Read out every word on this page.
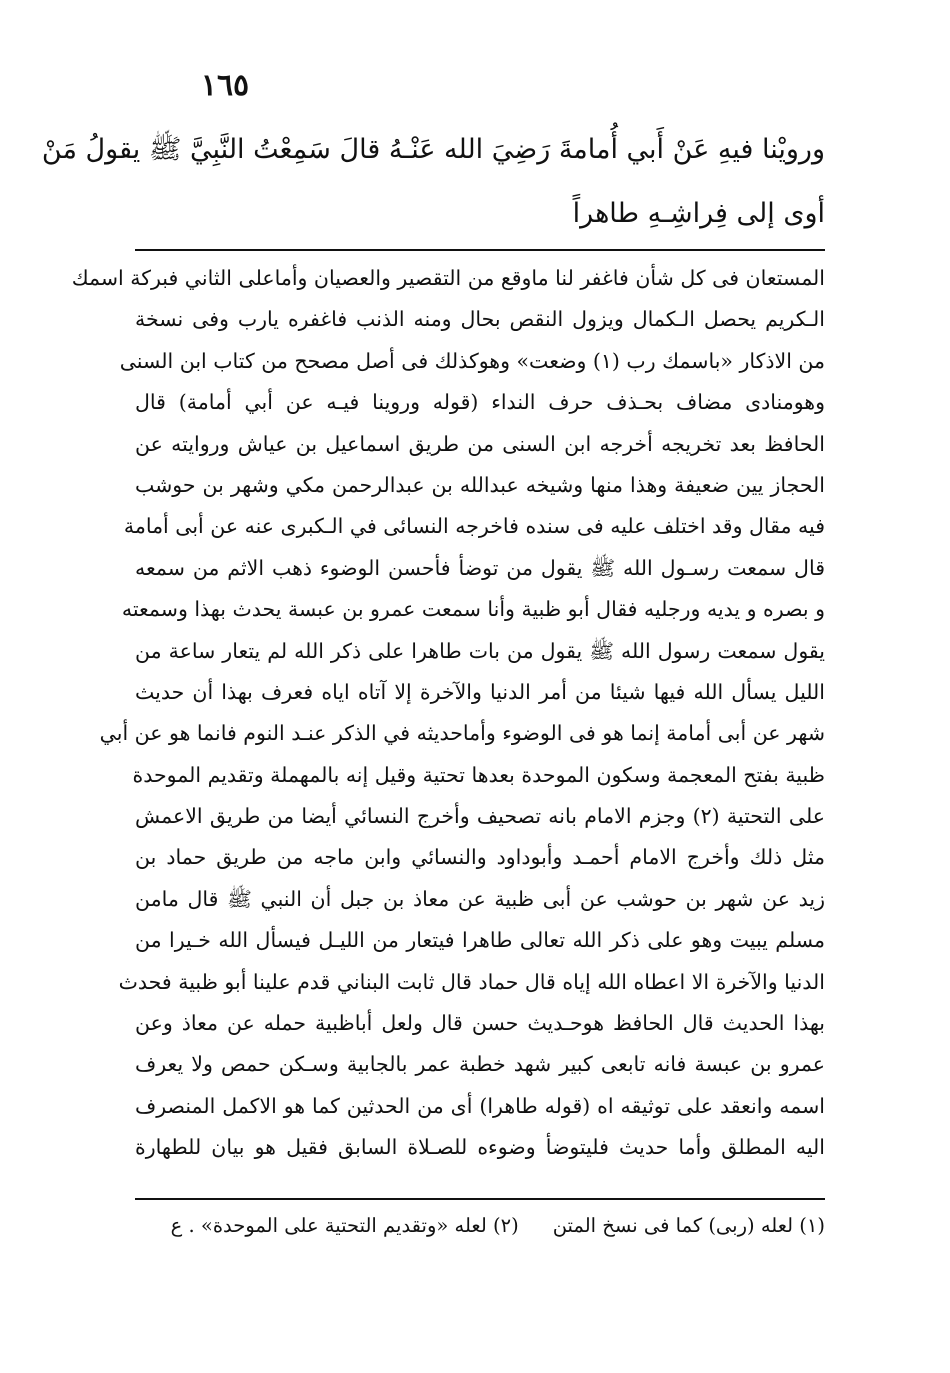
١٦٥
ورويْنا فيهِ عَنْ أَبي أُمامةَ رَضِيَ الله عَنْـهُ قالَ سَمِعْتُ النَّبِيَّ ﷺ يقولُ مَنْ
أوى إلى فِراشِـهِ طاهراً
المستعان فى كل شأن فاغفر لنا ماوقع من التقصير والعصيان وأماعلى الثاني فبركة اسمك
الـكريم يحصل الـكمال ويزول النقص بحال ومنه الذنب فاغفره يارب وفى نسخة
من الاذكار «باسمك رب (١) وضعت» وهوكذلك فى أصل مصحح من كتاب ابن السنى
وهومنادى مضاف بحـذف حرف النداء (قوله وروينا فيـه عن أبي أمامة) قال
الحافظ بعد تخريجه أخرجه ابن السنى من طريق اسماعيل بن عياش وروايته عن
الحجاز يين ضعيفة وهذا منها وشيخه عبدالله بن عبدالرحمن مكي وشهر بن حوشب
فيه مقال وقد اختلف عليه فى سنده فاخرجه النسائى في الـكبرى عنه عن أبى أمامة
قال سمعت رسـول الله ﷺ يقول من توضأ فأحسن الوضوء ذهب الاثم من سمعه
و بصره و يديه ورجليه فقال أبو ظبية وأنا سمعت عمرو بن عبسة يحدث بهذا وسمعته
يقول سمعت رسول الله ﷺ يقول من بات طاهرا على ذكر الله لم يتعار ساعة من
الليل يسأل الله فيها شيئا من أمر الدنيا والآخرة إلا آتاه اياه فعرف بهذا أن حديث
شهر عن أبى أمامة إنما هو فى الوضوء وأماحديثه في الذكر عنـد النوم فانما هو عن أبي
ظبية بفتح المعجمة وسكون الموحدة بعدها تحتية وقيل إنه بالمهملة وتقديم الموحدة
على التحتية (٢) وجزم الامام بانه تصحيف وأخرج النسائي أيضا من طريق الاعمش
مثل ذلك وأخرج الامام أحمـد وأبوداود والنسائي وابن ماجه من طريق حماد بن
زيد عن شهر بن حوشب عن أبى ظبية عن معاذ بن جبل أن النبي ﷺ قال مامن
مسلم يبيت وهو على ذكر الله تعالى طاهرا فيتعار من الليـل فيسأل الله خـيرا من
الدنيا والآخرة الا اعطاه الله إياه قال حماد قال ثابت البناني قدم علينا أبو ظبية فحدث
بهذا الحديث قال الحافظ هوحـديث حسن قال ولعل أباظبية حمله عن معاذ وعن
عمرو بن عبسة فانه تابعى كبير شهد خطبة عمر بالجابية وسـكن حمص ولا يعرف
اسمه وانعقد على توثيقه اه (قوله طاهرا) أى من الحدثين كما هو الاكمل المنصرف
اليه المطلق وأما حديث فليتوضأ وضوءه للصـلاة السابق فقيل هو بيان للطهارة
(١) لعله (ربى) كما فى نسخ المتن
(٢) لعله «وتقديم التحتية على الموحدة» . ع
